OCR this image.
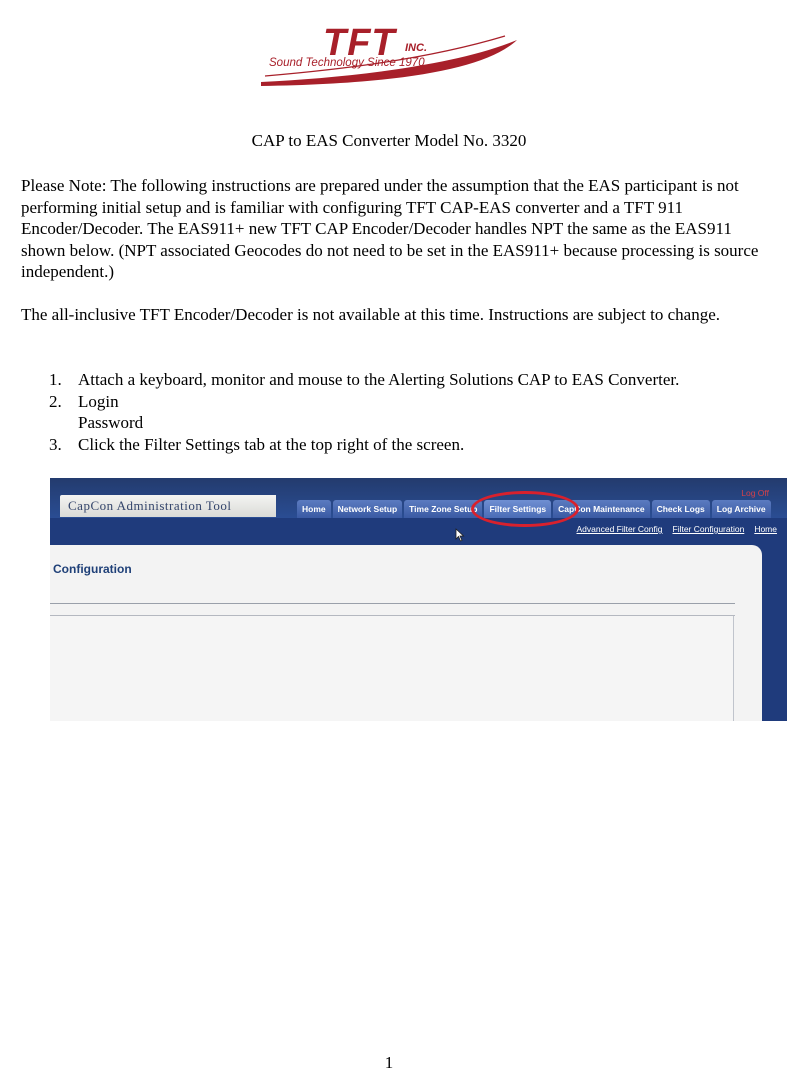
TFT INC.
Sound Technology Since 1970
CAP to EAS Converter Model No. 3320

Please Note: The following instructions are prepared under the assumption that the EAS participant is not performing initial setup and is familiar with configuring TFT CAP-EAS converter and a TFT 911 Encoder/Decoder. The EAS911+ new TFT CAP Encoder/Decoder handles NPT the same as the EAS911 shown below. (NPT associated Geocodes do not need to be set in the EAS911+ because processing is source independent.)

The all-inclusive TFT Encoder/Decoder is not available at this time. Instructions are subject to change.

1. Attach a keyboard, monitor and mouse to the Alerting Solutions CAP to EAS Converter.
2. Login
Password
3. Click the Filter Settings tab at the top right of the screen.
CapCon Administration Tool
Log Off
Home	Network Setup	Time Zone Setup	Filter Settings	CapCon Maintenance	Check Logs	Log Archive
Advanced Filter Config Filter Configuration Home
Configuration
1
